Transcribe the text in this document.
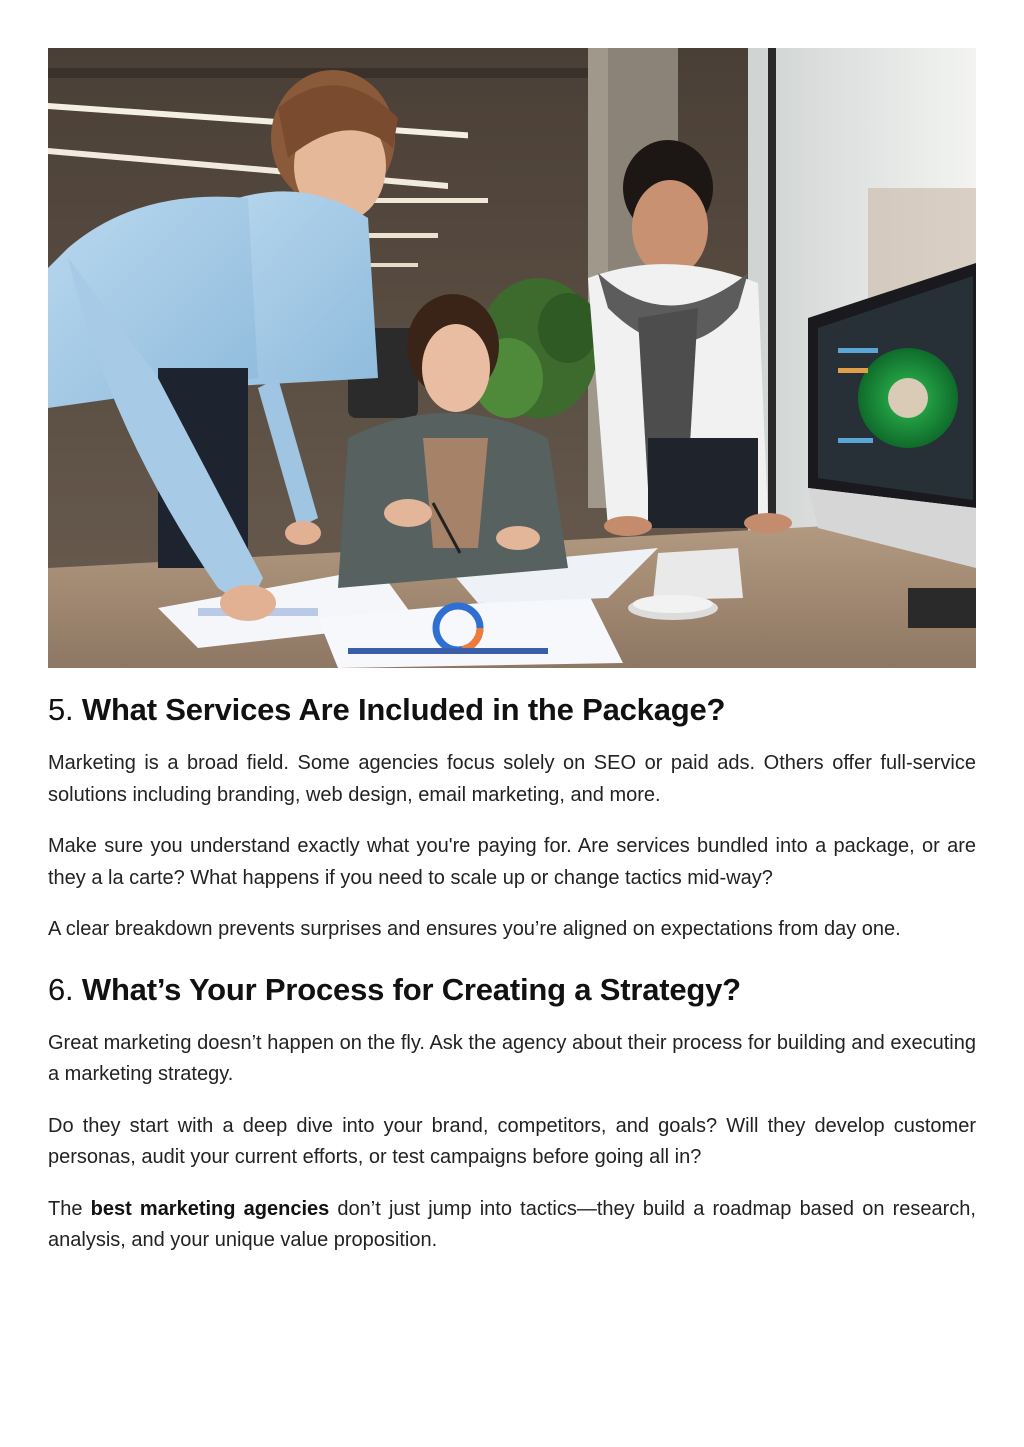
5. What Services Are Included in the Package?

Marketing is a broad field. Some agencies focus solely on SEO or paid ads. Others offer full-service solutions including branding, web design, email marketing, and more.

Make sure you understand exactly what you're paying for. Are services bundled into a package, or are they a la carte? What happens if you need to scale up or change tactics mid-way?

A clear breakdown prevents surprises and ensures you’re aligned on expectations from day one.

6. What’s Your Process for Creating a Strategy?

Great marketing doesn’t happen on the fly. Ask the agency about their process for building and executing a marketing strategy.

Do they start with a deep dive into your brand, competitors, and goals? Will they develop customer personas, audit your current efforts, or test campaigns before going all in?

The best marketing agencies don’t just jump into tactics—they build a roadmap based on research, analysis, and your unique value proposition.
